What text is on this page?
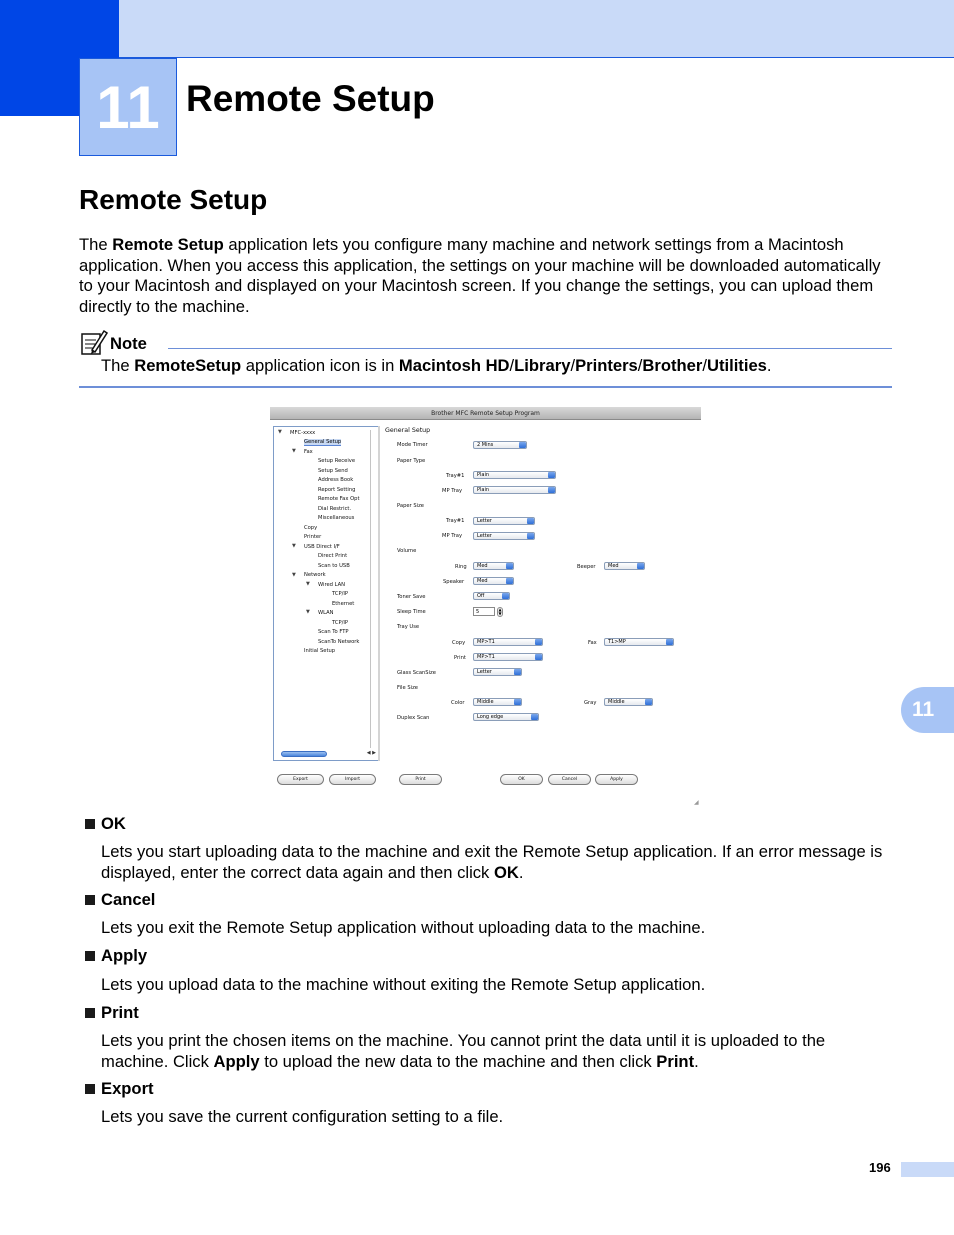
11 Remote Setup
Remote Setup
The Remote Setup application lets you configure many machine and network settings from a Macintosh application. When you access this application, the settings on your machine will be downloaded automatically to your Macintosh and displayed on your Macintosh screen. If you change the settings, you can upload them directly to the machine.
Note
The RemoteSetup application icon is in Macintosh HD/Library/Printers/Brother/Utilities.
Brother MFC Remote Setup Program
▼ MFC-xxxx
General Setup
▼ Fax
Setup Receive
Setup Send
Address Book
Report Setting
Remote Fax Opt
Dial Restrict.
Miscellaneous
Copy
Printer
▼ USB Direct I/F
Direct Print
Scan to USB
▼ Network
▼ Wired LAN
TCP/IP
Ethernet
▼ WLAN
TCP/IP
Scan To FTP
ScanTo Network
Initial Setup
◀ ▶
General Setup
Mode Timer	2 Mins
Paper Type
Tray#1	Plain
MP Tray	Plain
Paper Size
Tray#1	Letter
MP Tray	Letter
Volume
Ring	Med	Beeper	Med
Speaker	Med
Toner Save	Off
Sleep Time	5	▲
▼
Tray Use
Copy	MP>T1	Fax	T1>MP
Print	MP>T1
Glass ScanSize	Letter
File Size
Color	Middle	Gray	Middle
Duplex Scan	Long edge
Export	Import	Print	OK	Cancel	Apply
◢
11
OK
Lets you start uploading data to the machine and exit the Remote Setup application. If an error message is displayed, enter the correct data again and then click OK.
Cancel
Lets you exit the Remote Setup application without uploading data to the machine.
Apply
Lets you upload data to the machine without exiting the Remote Setup application.
Print
Lets you print the chosen items on the machine. You cannot print the data until it is uploaded to the machine. Click Apply to upload the new data to the machine and then click Print.
Export
Lets you save the current configuration setting to a file.
196
